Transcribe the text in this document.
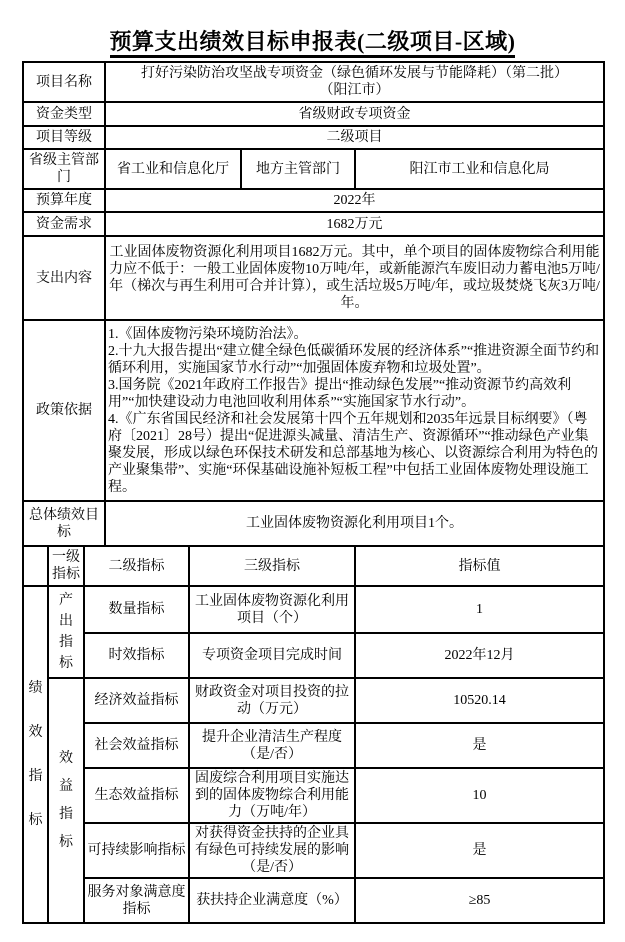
预算支出绩效目标申报表(二级项目-区域)
项目名称			打好污染防治攻坚战专项资金（绿色循环发展与节能降耗）（第二批）
（阳江市）			

资金类型			省级财政专项资金			
项目等级			二级项目			
省级主管部门			省工业和信息化厅		地方主管部门	阳江市工业和信息化局
预算年度			2022年			
资金需求			1682万元			
支出内容			工业固体废物资源化利用项目1682万元。其中，单个项目的固体废物综合利用能力应不低于：一般工业固体废物10万吨/年，或新能源汽车废旧动力蓄电池5万吨/年（梯次与再生利用可合并计算），或生活垃圾5万吨/年，或垃圾焚烧飞灰3万吨/年。			
政策依据			1.《固体废物污染环境防治法》。
2.十九大报告提出“建立健全绿色低碳循环发展的经济体系”“推进资源全面节约和循环利用，实施国家节水行动”“加强固体废弃物和垃圾处置”。
3.国务院《2021年政府工作报告》提出“推动绿色发展”“推动资源节约高效利用”“加快建设动力电池回收利用体系”“实施国家节水行动”。
4.《广东省国民经济和社会发展第十四个五年规划和2035年远景目标纲要》（粤府〔2021〕28号）提出“促进源头减量、清洁生产、资源循环”“推动绿色产业集聚发展，形成以绿色环保技术研发和总部基地为核心、以资源综合利用为特色的产业聚集带”、实施“环保基础设施补短板工程”中包括工业固体废物处理设施工程。			

总体绩效目标			工业固体废物资源化利用项目1个。			
	一级指标	二级指标		三级指标		指标值

绩效指标	产出指标	数量指标		工业固体废物资源化利用项目（个）		1
		时效指标		专项资金项目完成时间		2022年12月

	效益指标	经济效益指标		财政资金对项目投资的拉动（万元）		10520.14
		社会效益指标		提升企业清洁生产程度（是/否）		是
		生态效益指标		固废综合利用项目实施达到的固体废物综合利用能力（万吨/年）		10
		可持续影响指标		对获得资金扶持的企业具有绿色可持续发展的影响（是/否）		是
		服务对象满意度指标		获扶持企业满意度（%）		≥85
